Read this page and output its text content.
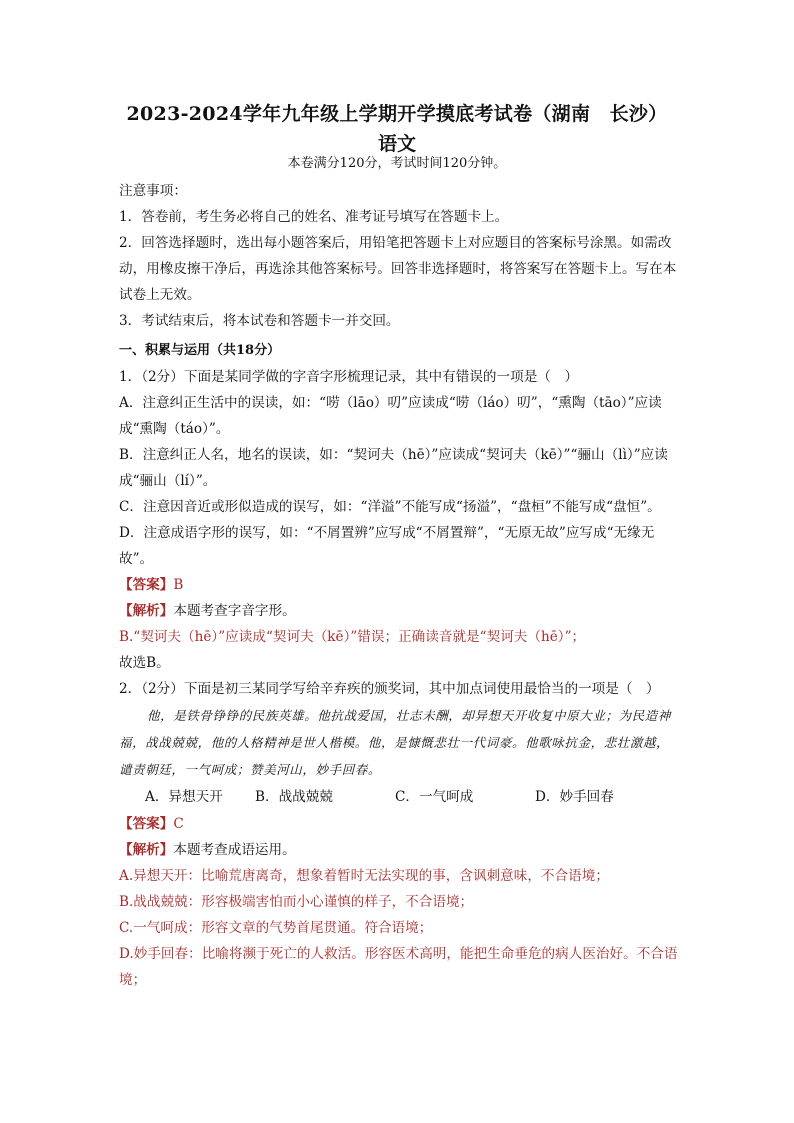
2023-2024学年九年级上学期开学摸底考试卷（湖南　长沙）
语文
本卷满分120分，考试时间120分钟。
注意事项：
1．答卷前，考生务必将自己的姓名、准考证号填写在答题卡上。
2．回答选择题时，选出每小题答案后，用铅笔把答题卡上对应题目的答案标号涂黑。如需改动，用橡皮擦干净后，再选涂其他答案标号。回答非选择题时，将答案写在答题卡上。写在本试卷上无效。
3．考试结束后，将本试卷和答题卡一并交回。
一、积累与运用（共18分）
1．（2分）下面是某同学做的字音字形梳理记录，其中有错误的一项是（　）
A．注意纠正生活中的误读，如：“唠（lāo）叨”应读成“唠（láo）叨”，“熏陶（tāo）”应读成“熏陶（táo）”。
B．注意纠正人名，地名的误读，如：“契诃夫（hē）”应读成“契诃夫（kē）”“骊山（lì）”应读成“骊山（lí）”。
C．注意因音近或形似造成的误写，如：“洋溢”不能写成“扬溢”，“盘桓”不能写成“盘恒”。
D．注意成语字形的误写，如：“不屑置辨”应写成“不屑置辩”，“无原无故”应写成“无缘无故”。
【答案】B
【解析】本题考查字音字形。
B.“契诃夫（hē）”应读成“契诃夫（kē）”错误；正确读音就是“契诃夫（hē）”；
故选B。
2．（2分）下面是初三某同学写给辛弃疾的颁奖词，其中加点词使用最恰当的一项是（　）
他，是铁骨铮铮的民族英雄。他抗战爱国，壮志未酬，却异想天开收复中原大业；为民造神福，战战兢兢，他的人格精神是世人楷模。他，是慷慨悲壮一代词豪。他歌咏抗金，悲壮激越，谴责朝廷，一气呵成；赞美河山，妙手回春。
A．异想天开 B．战战兢兢	C．一气呵成	D．妙手回春
【答案】C
【解析】本题考查成语运用。
A.异想天开：比喻荒唐离奇，想象着暂时无法实现的事，含讽刺意味，不合语境；
B.战战兢兢：形容极端害怕而小心谨慎的样子，不合语境；
C.一气呵成：形容文章的气势首尾贯通。符合语境；
D.妙手回春：比喻将濒于死亡的人救活。形容医术高明，能把生命垂危的病人医治好。不合语境；
